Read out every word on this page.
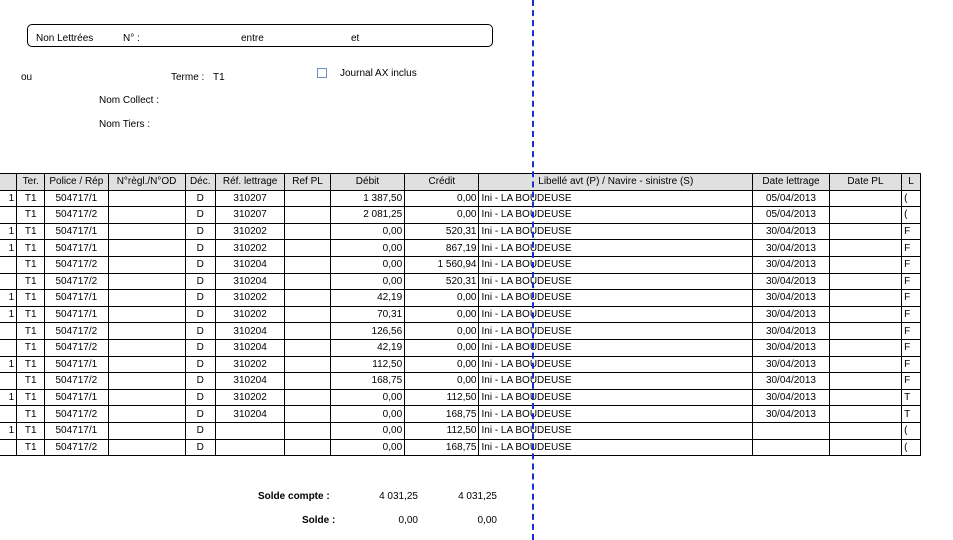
Non Lettrées	N° :	entre	et
ou	Terme : T1	Journal AX inclus
Nom Collect :
Nom Tiers :
	Ter.	Police / Rép	N°règl./N°OD	Déc.	Réf. lettrage	Ref PL	Débit	Crédit	Libellé avt (P) / Navire - sinistre (S)	Date lettrage	Date PL	L
1	T1	504717/1		D	310207		1 387,50	0,00	Ini - LA BOUDEUSE	05/04/2013		(
	T1	504717/2		D	310207		2 081,25	0,00	Ini - LA BOUDEUSE	05/04/2013		(
1	T1	504717/1		D	310202		0,00	520,31	Ini - LA BOUDEUSE	30/04/2013		F
1	T1	504717/1		D	310202		0,00	867,19	Ini - LA BOUDEUSE	30/04/2013		F
	T1	504717/2		D	310204		0,00	1 560,94	Ini - LA BOUDEUSE	30/04/2013		F
	T1	504717/2		D	310204		0,00	520,31	Ini - LA BOUDEUSE	30/04/2013		F
1	T1	504717/1		D	310202		42,19	0,00	Ini - LA BOUDEUSE	30/04/2013		F
1	T1	504717/1		D	310202		70,31	0,00	Ini - LA BOUDEUSE	30/04/2013		F
	T1	504717/2		D	310204		126,56	0,00	Ini - LA BOUDEUSE	30/04/2013		F
	T1	504717/2		D	310204		42,19	0,00	Ini - LA BOUDEUSE	30/04/2013		F
1	T1	504717/1		D	310202		112,50	0,00	Ini - LA BOUDEUSE	30/04/2013		F
	T1	504717/2		D	310204		168,75	0,00	Ini - LA BOUDEUSE	30/04/2013		F
1	T1	504717/1		D	310202		0,00	112,50	Ini - LA BOUDEUSE	30/04/2013		T
	T1	504717/2		D	310204		0,00	168,75	Ini - LA BOUDEUSE	30/04/2013		T
1	T1	504717/1		D			0,00	112,50	Ini - LA BOUDEUSE			(
	T1	504717/2		D			0,00	168,75	Ini - LA BOUDEUSE			(
Solde compte :	4 031,25	4 031,25
Solde :	0,00	0,00
